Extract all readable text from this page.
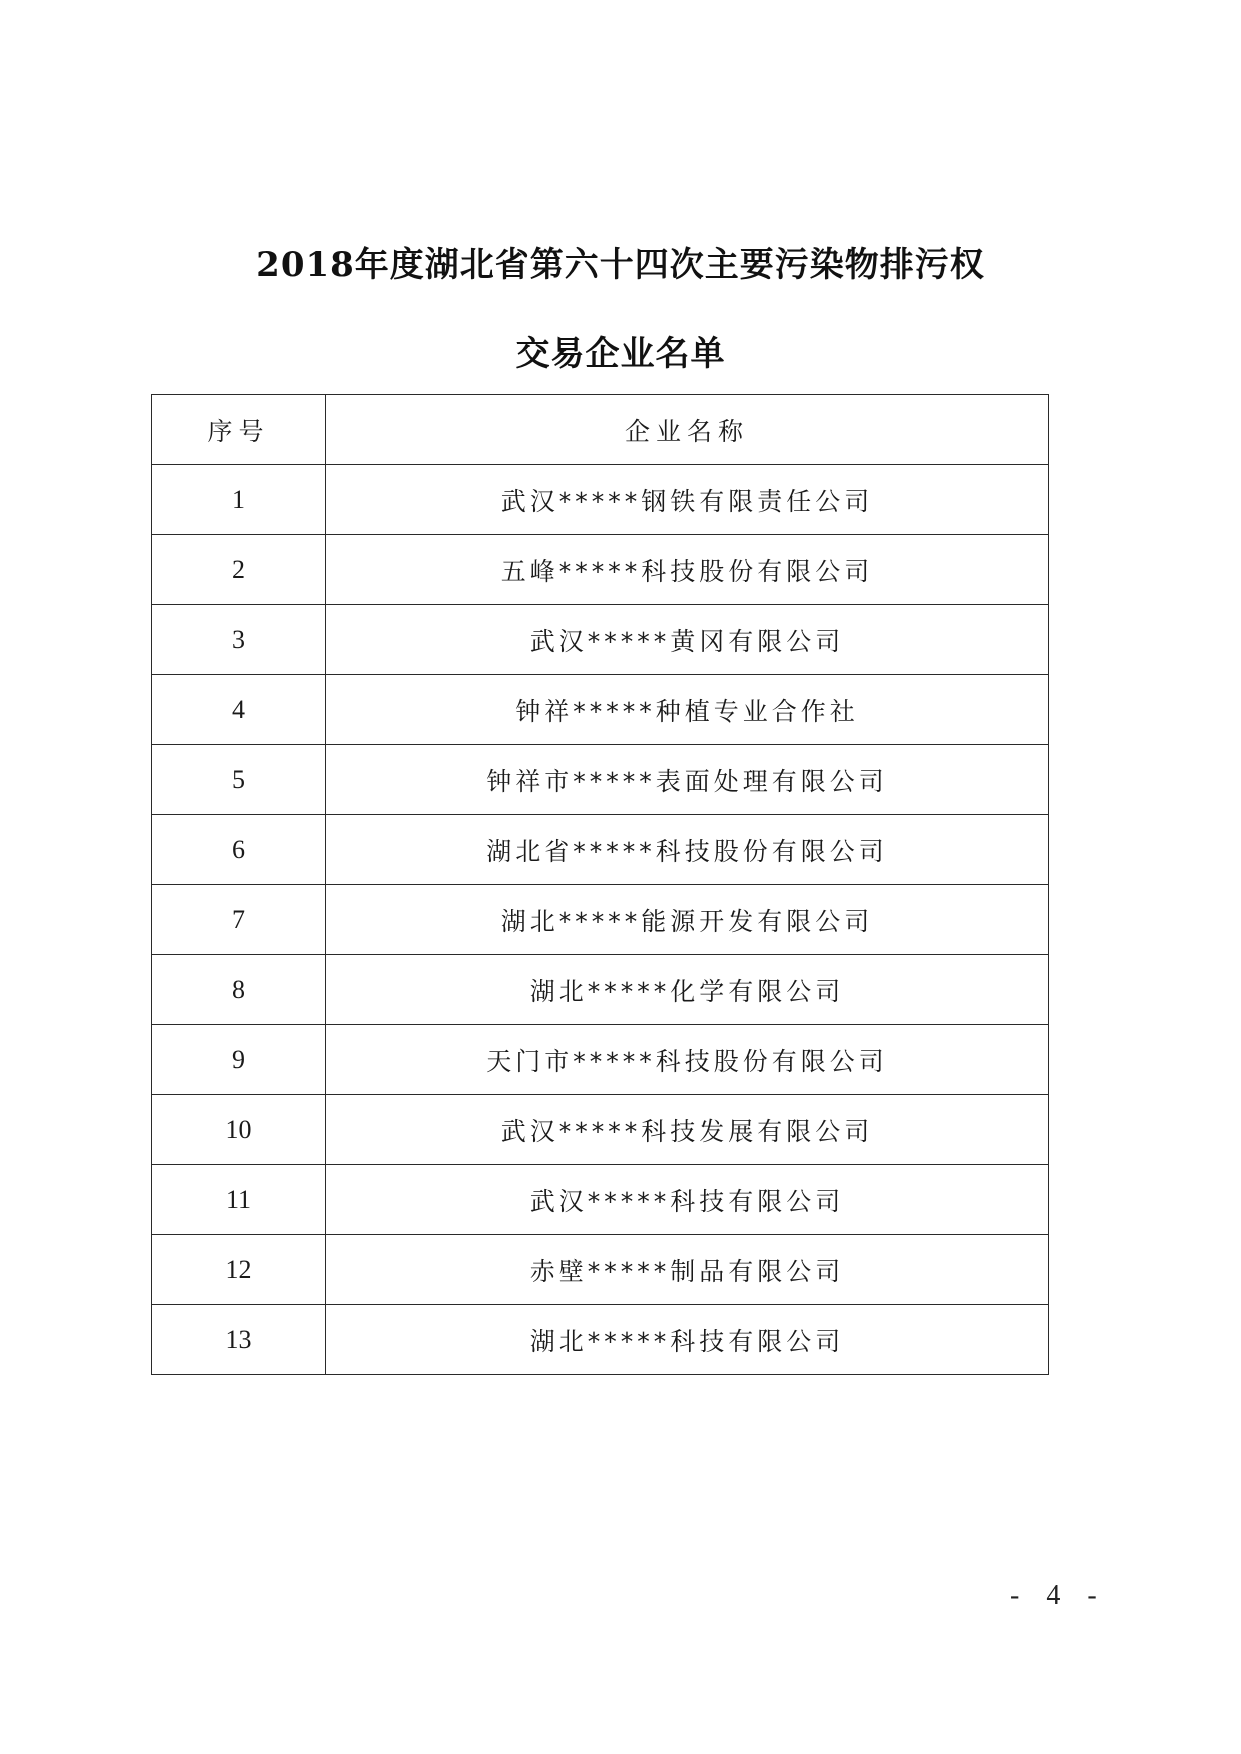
2018年度湖北省第六十四次主要污染物排污权
交易企业名单
序号	企业名称
1	武汉*****钢铁有限责任公司
2	五峰*****科技股份有限公司
3	武汉*****黄冈有限公司
4	钟祥*****种植专业合作社
5	钟祥市*****表面处理有限公司
6	湖北省*****科技股份有限公司
7	湖北*****能源开发有限公司
8	湖北*****化学有限公司
9	天门市*****科技股份有限公司
10	武汉*****科技发展有限公司
11	武汉*****科技有限公司
12	赤壁*****制品有限公司
13	湖北*****科技有限公司
- 4 -
